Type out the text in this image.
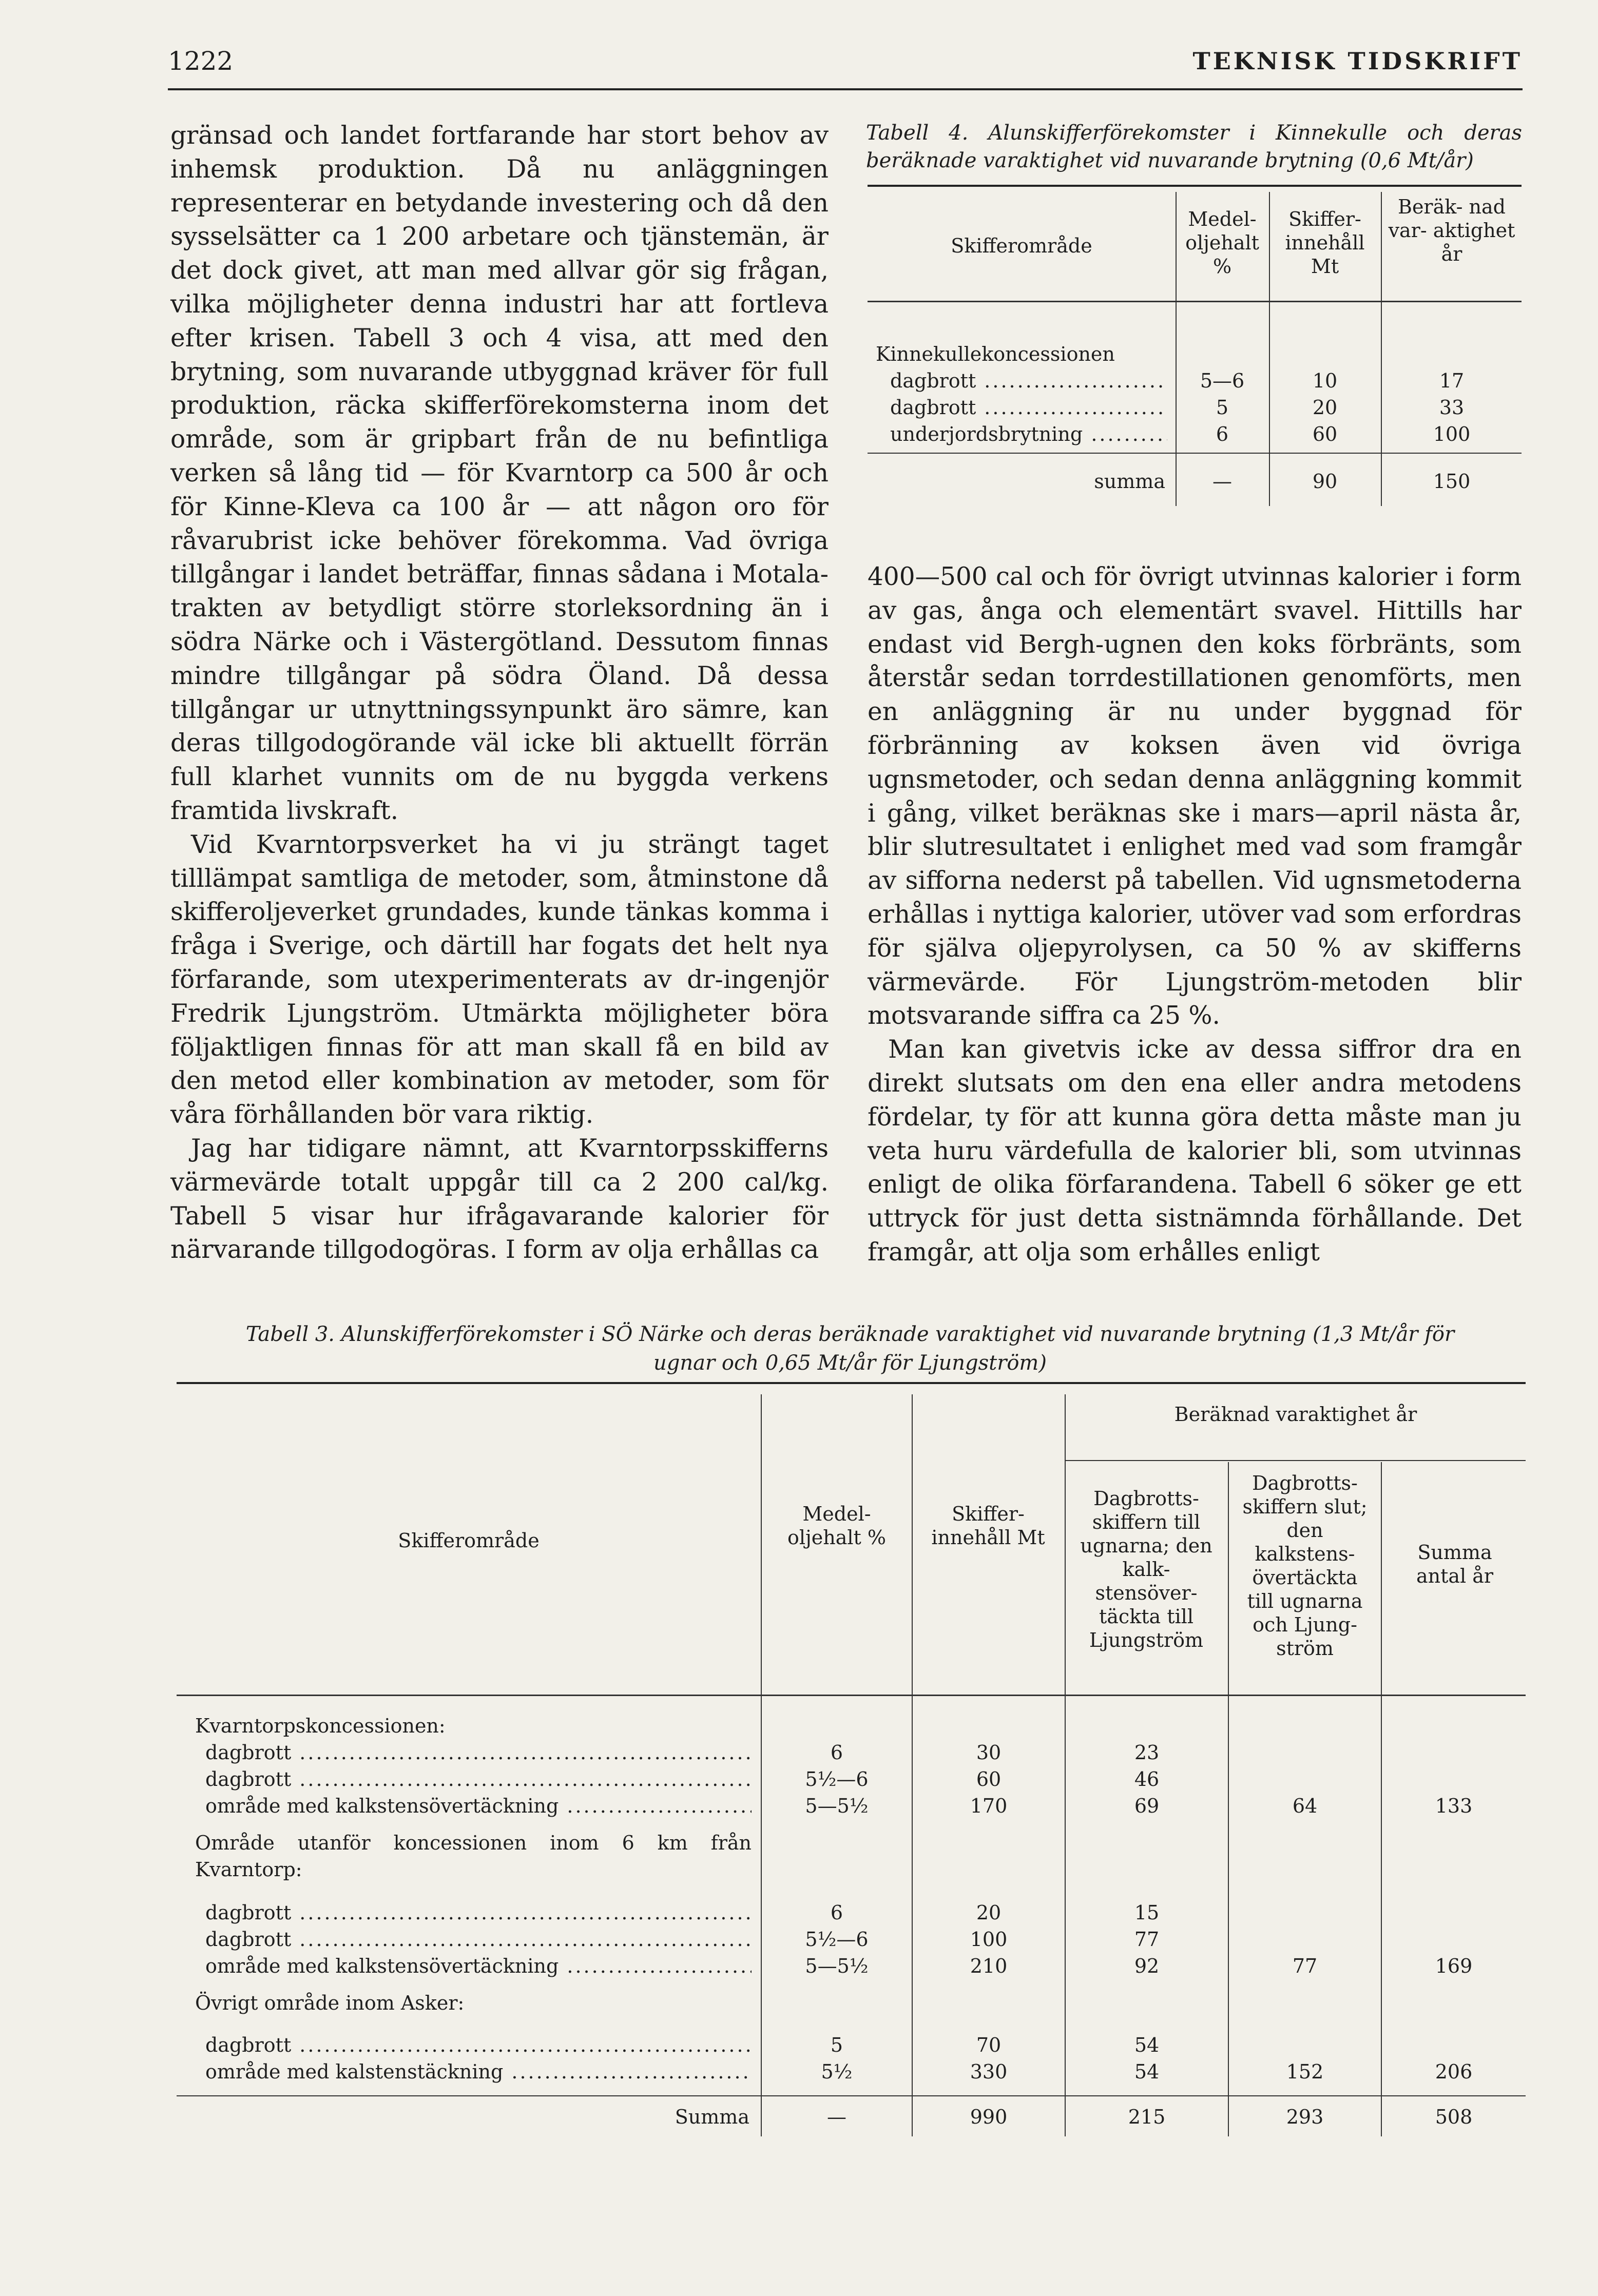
1222	TEKNISK TIDSKRIFT

gränsad och landet fortfarande har stort behov av inhemsk produktion. Då nu anläggningen representerar en betydande investering och då den sysselsätter ca 1 200 arbetare och tjänstemän, är det dock givet, att man med allvar gör sig frågan, vilka möjligheter denna industri har att fortleva efter krisen. Tabell 3 och 4 visa, att med den brytning, som nuvarande utbyggnad kräver för full produktion, räcka skifferförekomsterna inom det område, som är gripbart från de nu befintliga verken så lång tid — för Kvarntorp ca 500 år och för Kinne-Kleva ca 100 år — att någon oro för råvarubrist icke behöver förekomma. Vad övriga tillgångar i landet beträffar, finnas sådana i Motala-trakten av betydligt större storleksordning än i södra Närke och i Västergötland. Dessutom finnas mindre tillgångar på södra Öland. Då dessa tillgångar ur utnyttningssynpunkt äro sämre, kan deras tillgodogörande väl icke bli aktuellt förrän full klarhet vunnits om de nu byggda verkens framtida livskraft.

Vid Kvarntorpsverket ha vi ju strängt taget tilllämpat samtliga de metoder, som, åtminstone då skifferoljeverket grundades, kunde tänkas komma i fråga i Sverige, och därtill har fogats det helt nya förfarande, som utexperimenterats av dr-ingenjör Fredrik Ljungström. Utmärkta möjligheter böra följaktligen finnas för att man skall få en bild av den metod eller kombination av metoder, som för våra förhållanden bör vara riktig.

Jag har tidigare nämnt, att Kvarntorpsskifferns värmevärde totalt uppgår till ca 2 200 cal/kg. Tabell 5 visar hur ifrågavarande kalorier för närvarande tillgodogöras. I form av olja erhållas ca

Tabell 4. Alunskifferförekomster i Kinnekulle och deras beräknade varaktighet vid nuvarande brytning (0,6 Mt/år)
Skifferområde
Medel- oljehalt %
Skiffer- innehåll Mt
Beräk- nad var- aktighet år
Kinnekullekoncessionen
dagbrott .....	5—6	10	17
dagbrott .....	5	20	33
underjordsbrytning .....	6	60	100
summa	—	90	150

400—500 cal och för övrigt utvinnas kalorier i form av gas, ånga och elementärt svavel. Hittills har endast vid Bergh-ugnen den koks förbränts, som återstår sedan torrdestillationen genomförts, men en anläggning är nu under byggnad för förbränning av koksen även vid övriga ugnsmetoder, och sedan denna anläggning kommit i gång, vilket beräknas ske i mars—april nästa år, blir slutresultatet i enlighet med vad som framgår av sifforna nederst på tabellen. Vid ugnsmetoderna erhållas i nyttiga kalorier, utöver vad som erfordras för själva oljepyrolysen, ca 50 % av skifferns värmevärde. För Ljungström-metoden blir motsvarande siffra ca 25 %.

Man kan givetvis icke av dessa siffror dra en direkt slutsats om den ena eller andra metodens fördelar, ty för att kunna göra detta måste man ju veta huru värdefulla de kalorier bli, som utvinnas enligt de olika förfarandena. Tabell 6 söker ge ett uttryck för just detta sistnämnda förhållande. Det framgår, att olja som erhålles enligt

Tabell 3. Alunskifferförekomster i SÖ Närke och deras beräknade varaktighet vid nuvarande brytning (1,3 Mt/år för
ugnar och 0,65 Mt/år för Ljungström)
Skifferområde
Medel- oljehalt %
Skiffer- innehåll Mt
Beräknad varaktighet år
Dagbrotts- skiffern till ugnarna; den kalk- stensöver- täckta till Ljungström
Dagbrotts- skiffern slut; den kalkstens- övertäckta till ugnarna och Ljung- ström
Summa antal år
Kvarntorpskoncessionen:
dagbrott .....	6	30	23
dagbrott .....	5½—6	60	46
område med kalkstensövertäckning .....	5—5½	170	69	64	133
Område utanför koncessionen inom 6 km från Kvarntorp:
dagbrott .....	6	20	15
dagbrott .....	5½—6	100	77
område med kalkstensövertäckning .....	5—5½	210	92	77	169
Övrigt område inom Asker:
dagbrott .....	5	70	54
område med kalstenstäckning .....	5½	330	54	152	206
Summa	—	990	215	293	508
